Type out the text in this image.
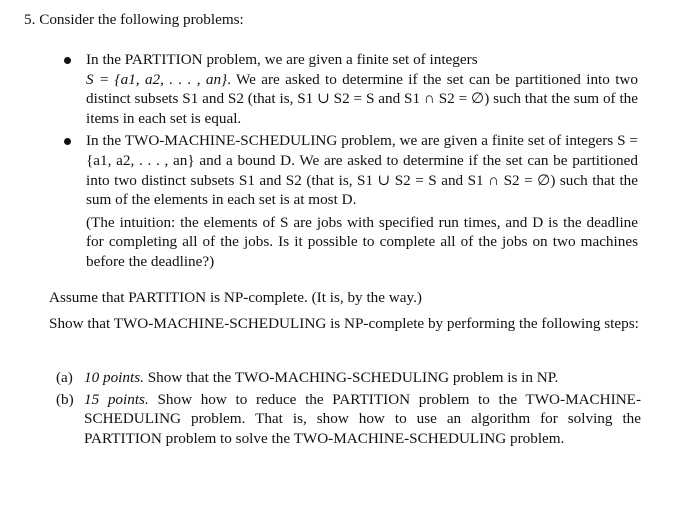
5. Consider the following problems:
In the PARTITION problem, we are given a finite set of integers
S = {a1, a2, . . . , an}. We are asked to determine if the set can be partitioned into two distinct subsets S1 and S2 (that is, S1 ∪ S2 = S and S1 ∩ S2 = ∅) such that the sum of the items in each set is equal.
In the TWO-MACHINE-SCHEDULING problem, we are given a finite set of integers S = {a1, a2, . . . , an} and a bound D. We are asked to determine if the set can be partitioned into two distinct subsets S1 and S2 (that is, S1 ∪ S2 = S and S1 ∩ S2 = ∅) such that the sum of the elements in each set is at most D.
(The intuition: the elements of S are jobs with specified run times, and D is the deadline for completing all of the jobs. Is it possible to complete all of the jobs on two machines before the deadline?)
Assume that PARTITION is NP-complete. (It is, by the way.)
Show that TWO-MACHINE-SCHEDULING is NP-complete by performing the following steps:
(a) 10 points. Show that the TWO-MACHING-SCHEDULING problem is in NP.
(b) 15 points. Show how to reduce the PARTITION problem to the TWO-MACHINE-SCHEDULING problem. That is, show how to use an algorithm for solving the PARTITION problem to solve the TWO-MACHINE-SCHEDULING problem.
